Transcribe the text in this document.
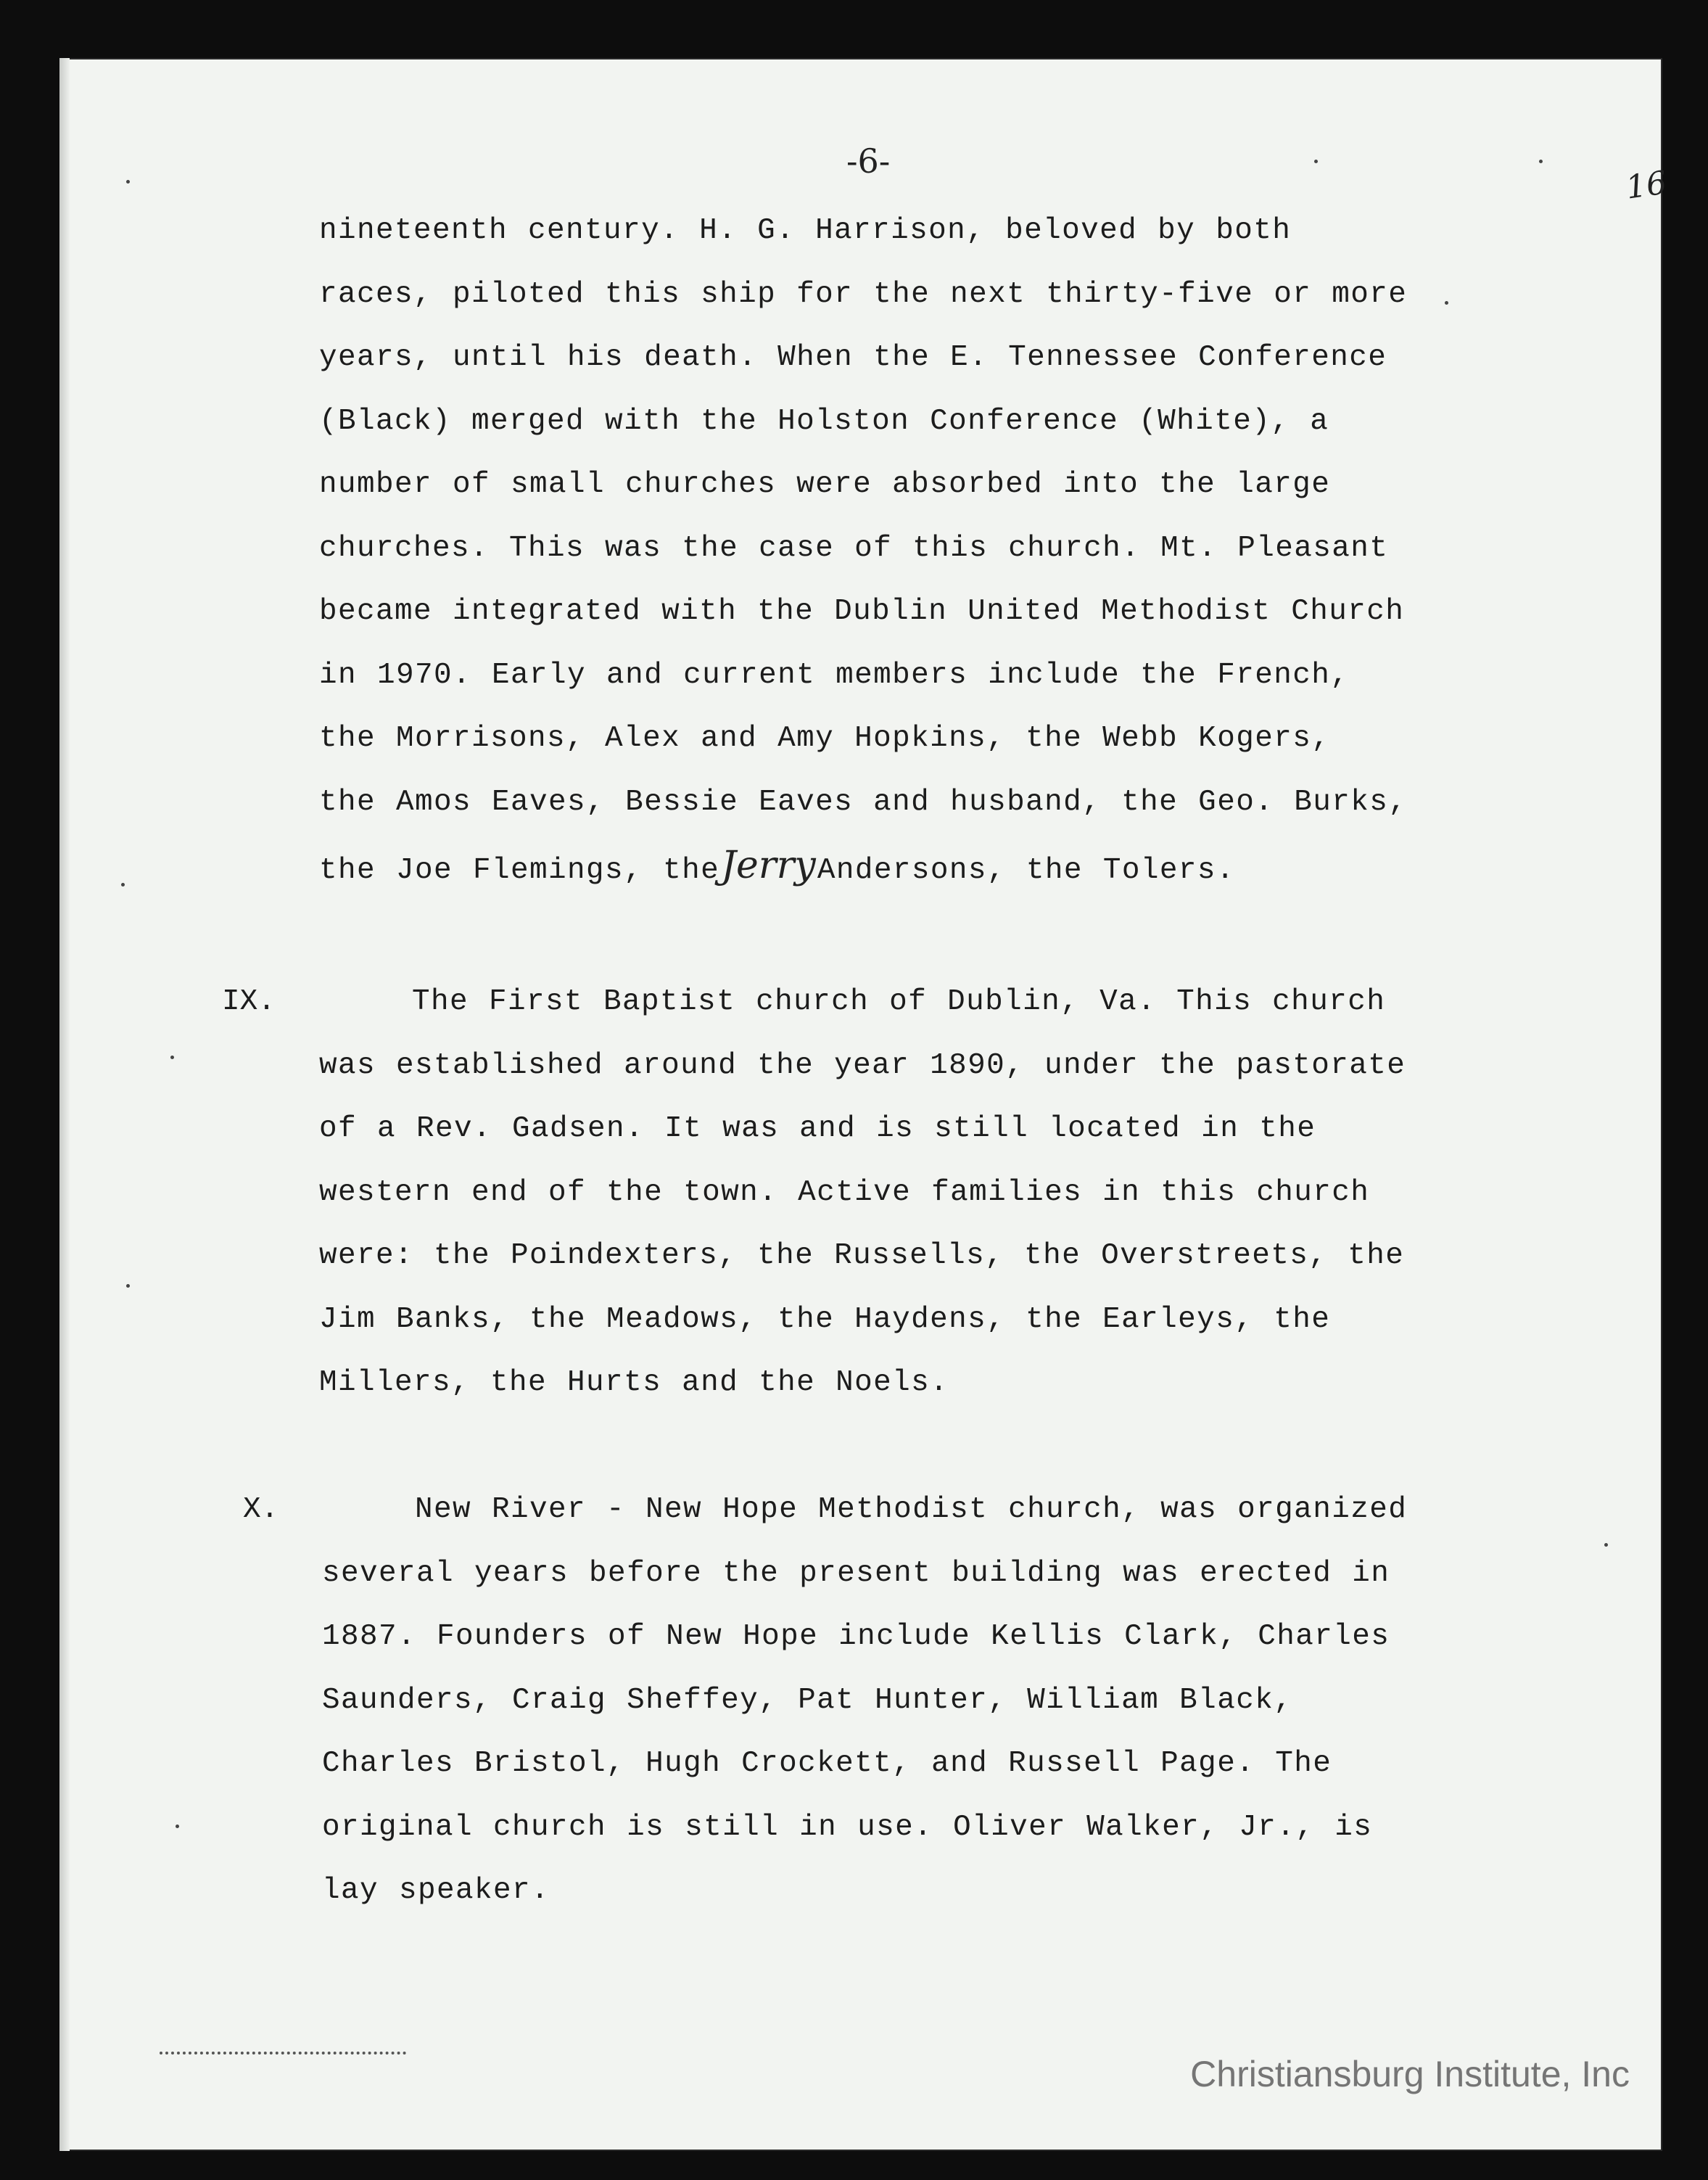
-6-
16
nineteenth century. H. G. Harrison, beloved by both
races, piloted this ship for the next thirty-five or more
years, until his death. When the E. Tennessee Conference
(Black) merged with the Holston Conference (White), a
number of small churches were absorbed into the large
churches. This was the case of this church. Mt. Pleasant
became integrated with the Dublin United Methodist Church
in 1970. Early and current members include the French,
the Morrisons, Alex and Amy Hopkins, the Webb Kogers,
the Amos Eaves, Bessie Eaves and husband, the Geo. Burks,
the Joe Flemings, theJerryAndersons, the Tolers.
IX.	The First Baptist church of Dublin, Va. This church
was established around the year 1890, under the pastorate
of a Rev. Gadsen. It was and is still located in the
western end of the town. Active families in this church
were: the Poindexters, the Russells, the Overstreets, the
Jim Banks, the Meadows, the Haydens, the Earleys, the
Millers, the Hurts and the Noels.
X.	New River - New Hope Methodist church, was organized
several years before the present building was erected in
1887. Founders of New Hope include Kellis Clark, Charles
Saunders, Craig Sheffey, Pat Hunter, William Black,
Charles Bristol, Hugh Crockett, and Russell Page. The
original church is still in use. Oliver Walker, Jr., is
lay speaker.
Christiansburg Institute, Inc
